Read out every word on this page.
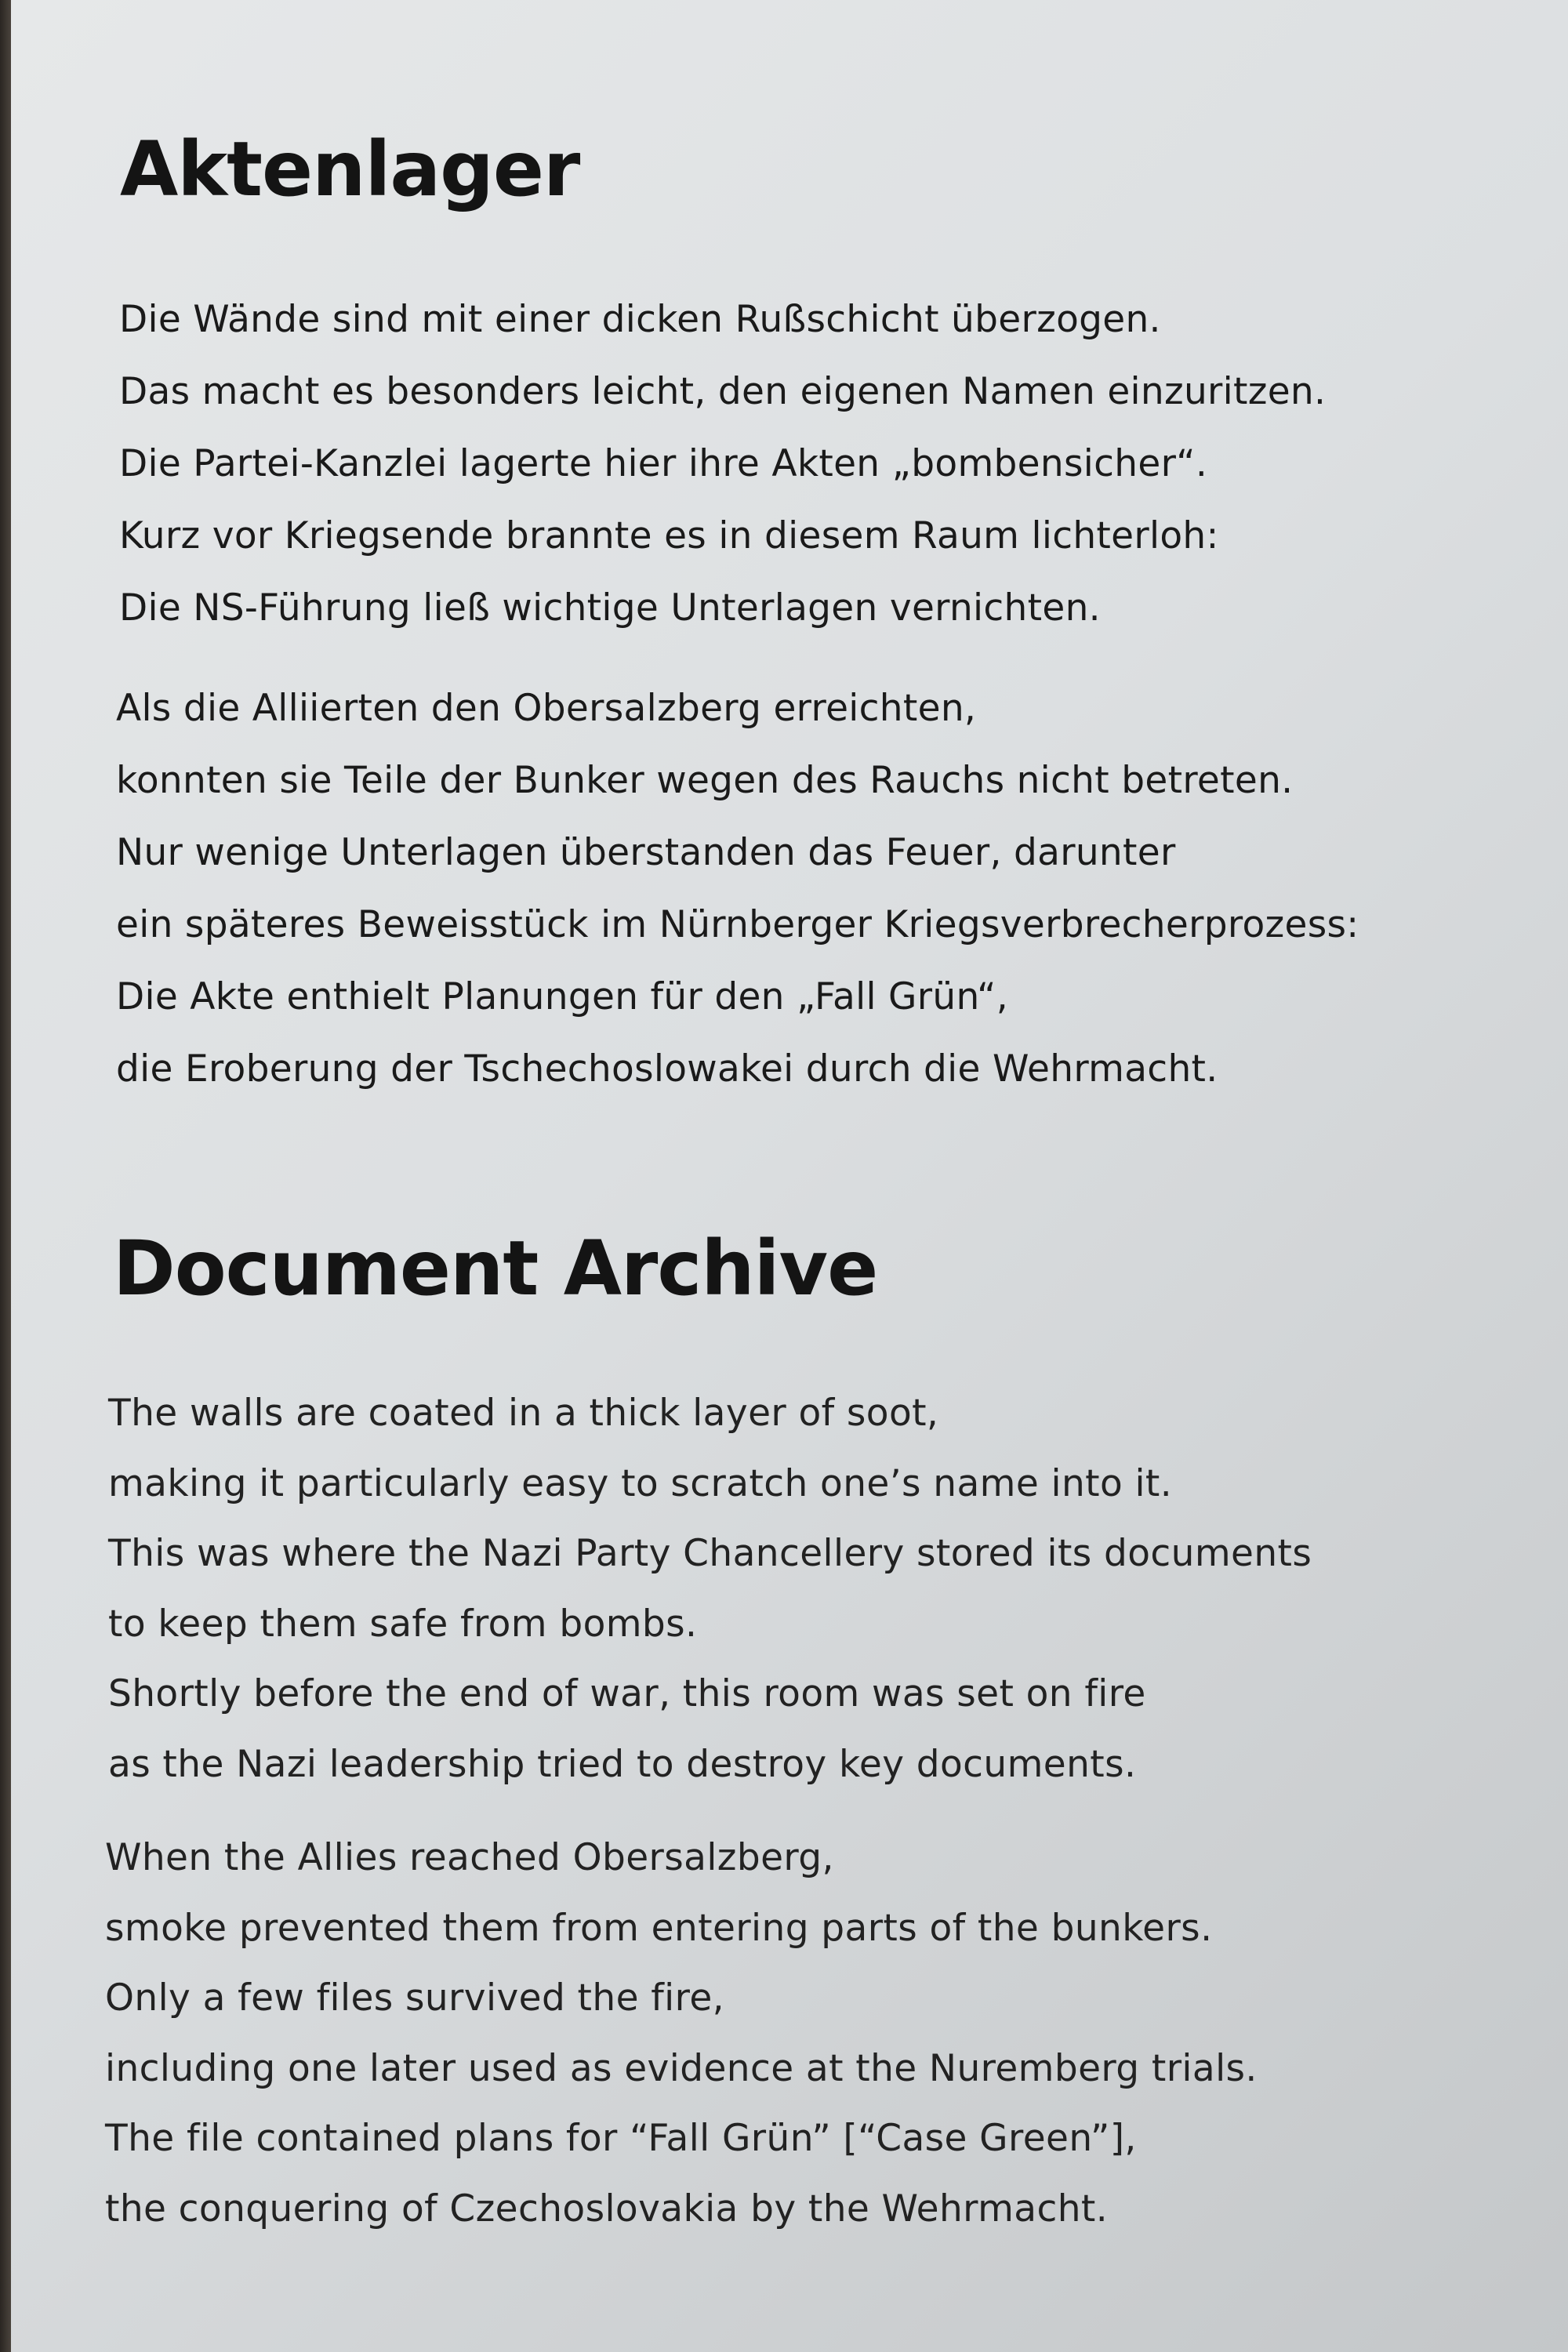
Aktenlager

Die Wände sind mit einer dicken Rußschicht überzogen.
Das macht es besonders leicht, den eigenen Namen einzuritzen.
Die Partei-Kanzlei lagerte hier ihre Akten „bombensicher“.
Kurz vor Kriegsende brannte es in diesem Raum lichterloh:
Die NS-Führung ließ wichtige Unterlagen vernichten.

Als die Alliierten den Obersalzberg erreichten,
konnten sie Teile der Bunker wegen des Rauchs nicht betreten.
Nur wenige Unterlagen überstanden das Feuer, darunter
ein späteres Beweisstück im Nürnberger Kriegsverbrecherprozess:
Die Akte enthielt Planungen für den „Fall Grün“,
die Eroberung der Tschechoslowakei durch die Wehrmacht.

Document Archive

The walls are coated in a thick layer of soot,
making it particularly easy to scratch one’s name into it.
This was where the Nazi Party Chancellery stored its documents
to keep them safe from bombs.
Shortly before the end of war, this room was set on fire
as the Nazi leadership tried to destroy key documents.

When the Allies reached Obersalzberg,
smoke prevented them from entering parts of the bunkers.
Only a few files survived the fire,
including one later used as evidence at the Nuremberg trials.
The file contained plans for “Fall Grün” [“Case Green”],
the conquering of Czechoslovakia by the Wehrmacht.
